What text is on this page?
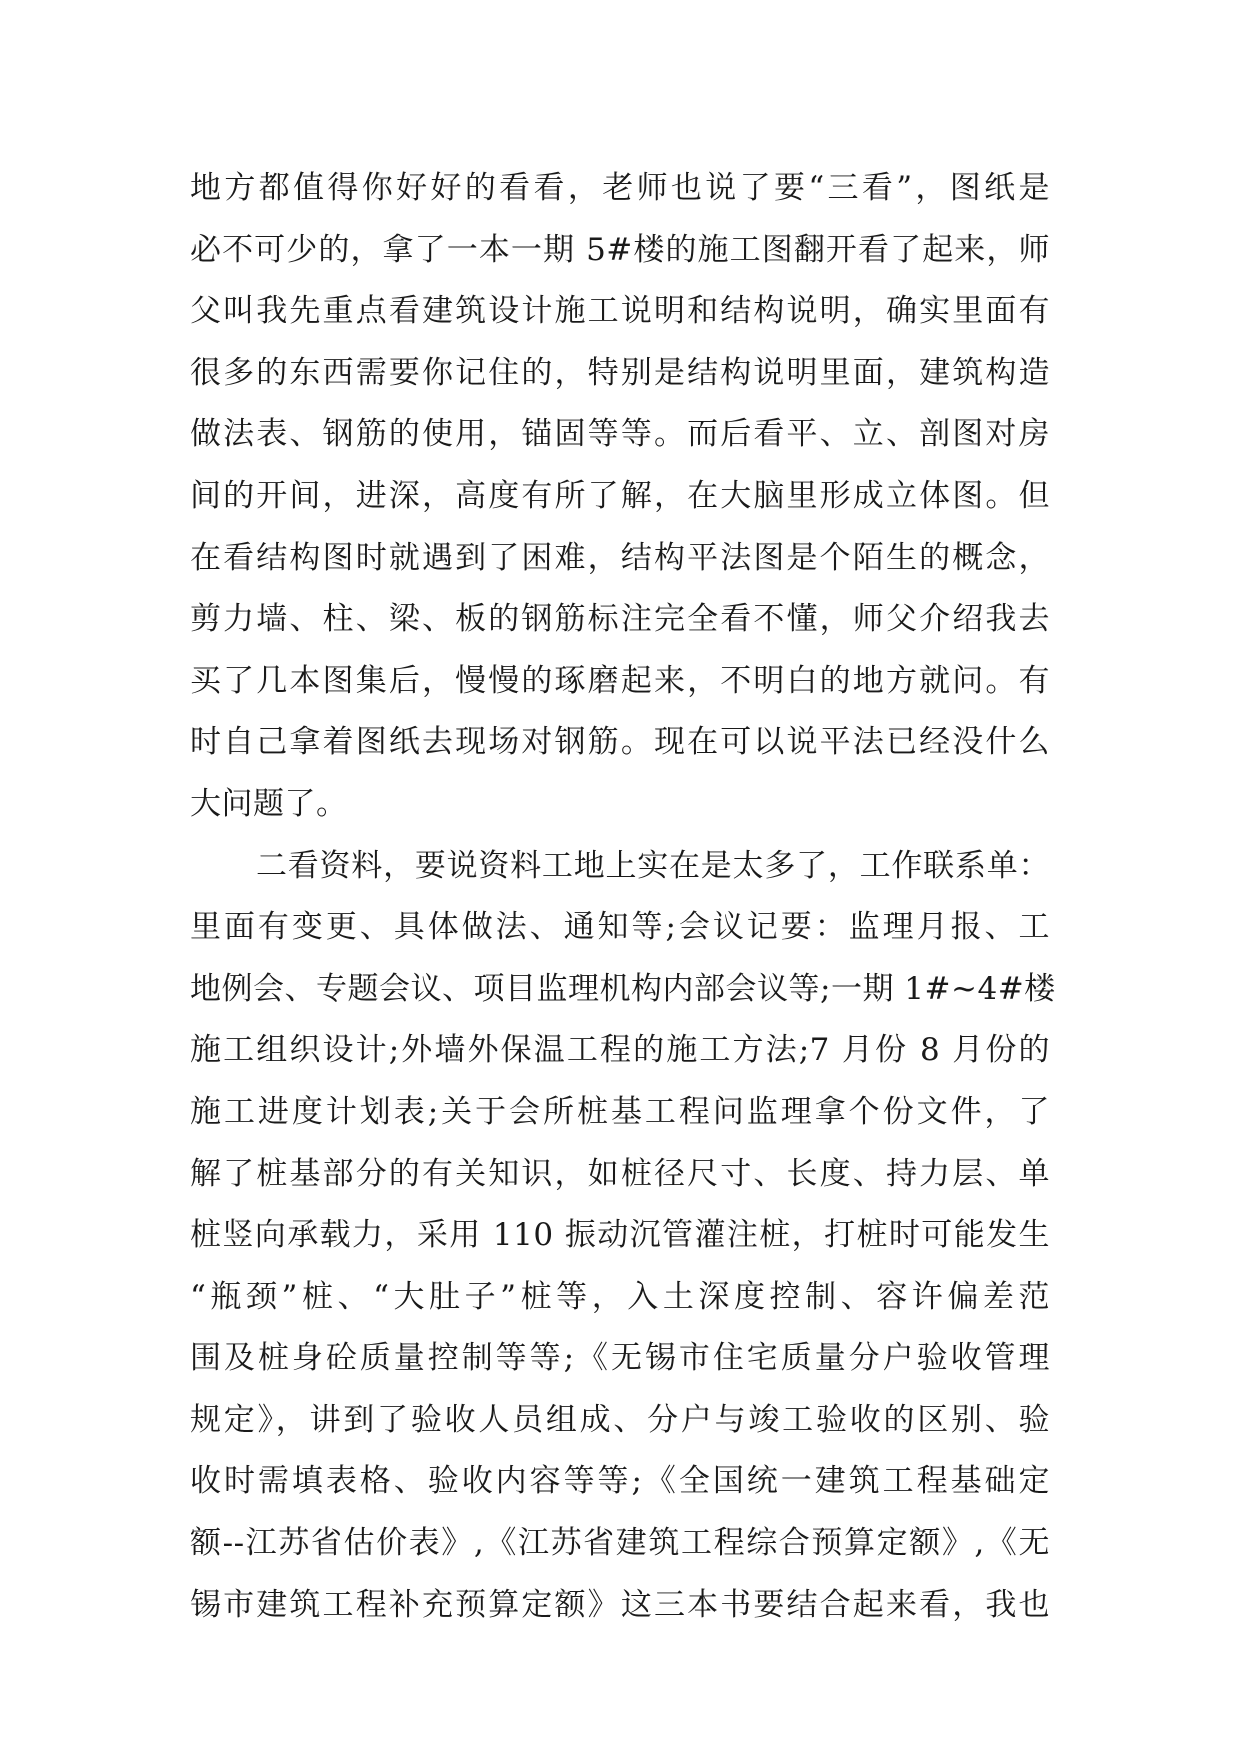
地方都值得你好好的看看，老师也说了要“三看”，图纸是
必不可少的，拿了一本一期 5#楼的施工图翻开看了起来，师
父叫我先重点看建筑设计施工说明和结构说明，确实里面有
很多的东西需要你记住的，特别是结构说明里面，建筑构造
做法表、钢筋的使用，锚固等等。而后看平、立、剖图对房
间的开间，进深，高度有所了解，在大脑里形成立体图。但
在看结构图时就遇到了困难，结构平法图是个陌生的概念，
剪力墙、柱、梁、板的钢筋标注完全看不懂，师父介绍我去
买了几本图集后，慢慢的琢磨起来，不明白的地方就问。有
时自己拿着图纸去现场对钢筋。现在可以说平法已经没什么
大问题了。
二看资料，要说资料工地上实在是太多了，工作联系单：
里面有变更、具体做法、通知等;会议记要：监理月报、工
地例会、专题会议、项目监理机构内部会议等;一期 1#~4#楼
施工组织设计;外墙外保温工程的施工方法;7 月份 8 月份的
施工进度计划表;关于会所桩基工程问监理拿个份文件，了
解了桩基部分的有关知识，如桩径尺寸、长度、持力层、单
桩竖向承载力，采用 110 振动沉管灌注桩，打桩时可能发生
“瓶颈”桩、“大肚子”桩等，入土深度控制、容许偏差范
围及桩身砼质量控制等等;《无锡市住宅质量分户验收管理
规定》，讲到了验收人员组成、分户与竣工验收的区别、验
收时需填表格、验收内容等等;《全国统一建筑工程基础定
额--江苏省估价表》,《江苏省建筑工程综合预算定额》,《无
锡市建筑工程补充预算定额》这三本书要结合起来看，我也
